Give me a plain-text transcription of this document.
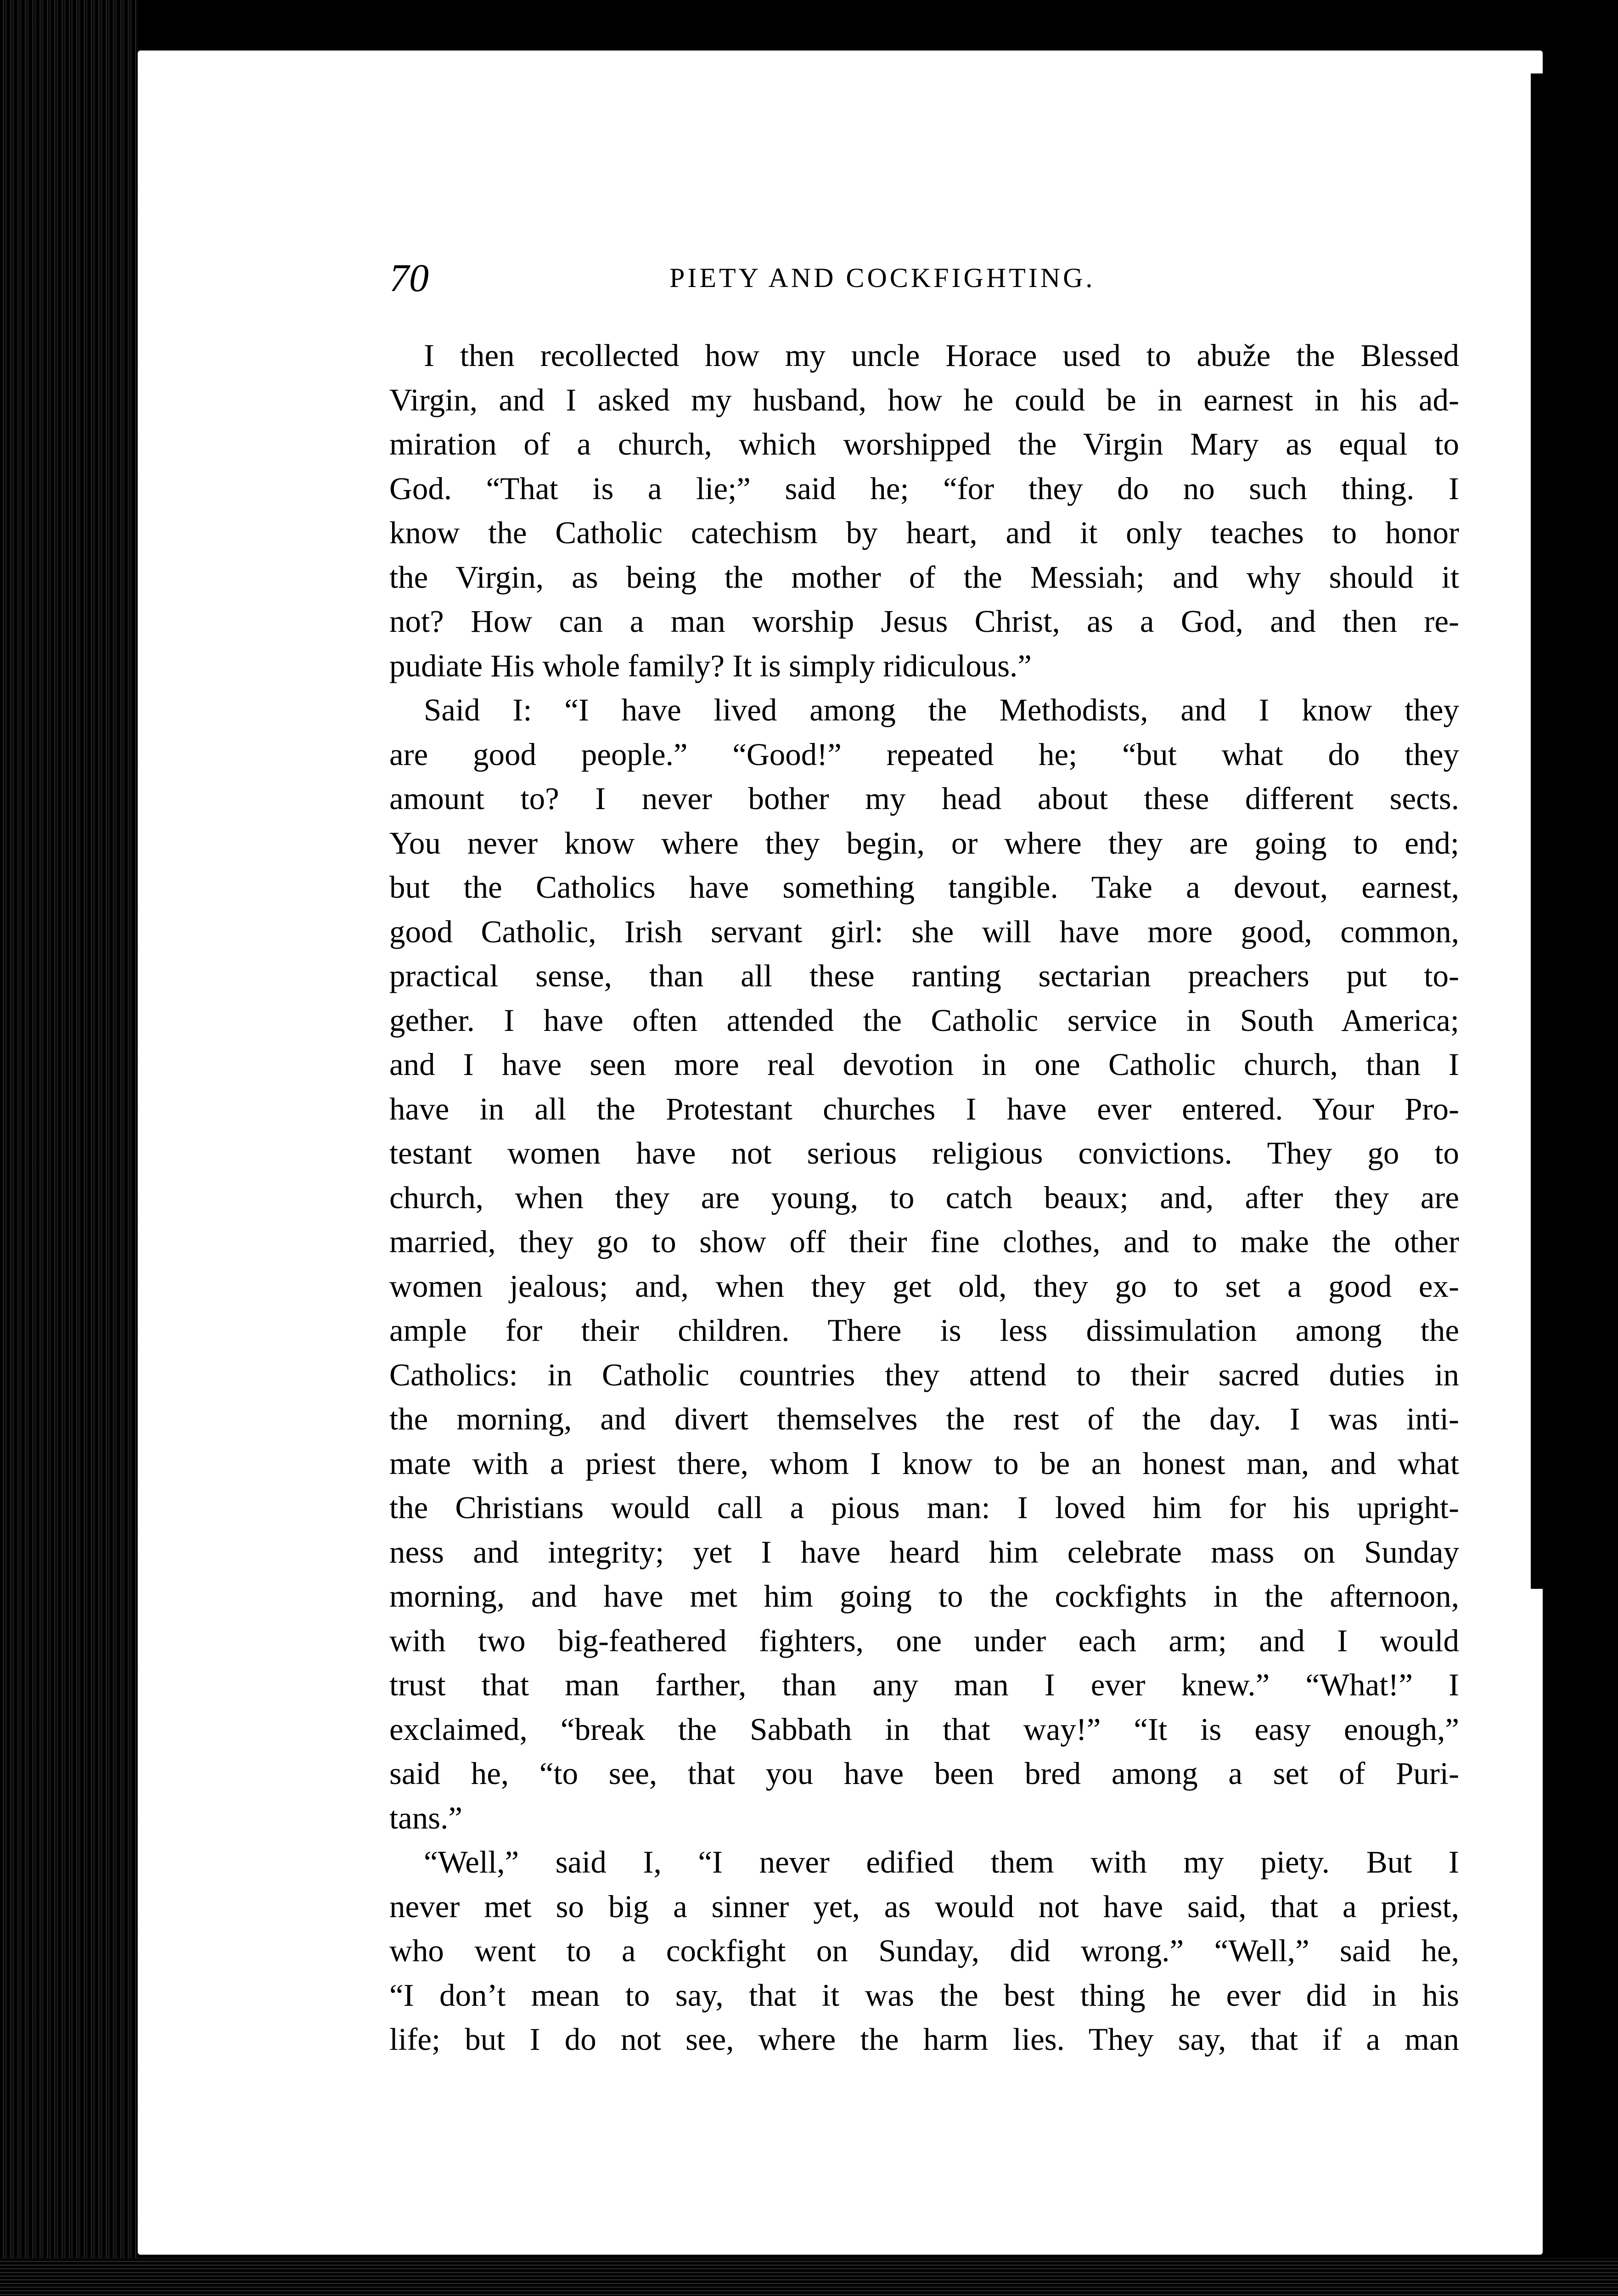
70	PIETY AND COCKFIGHTING.
I then recollected how my uncle Horace used to abuže the Blessed
Virgin, and I asked my husband, how he could be in earnest in his ad-
miration of a church, which worshipped the Virgin Mary as equal to
God. “That is a lie;” said he; “for they do no such thing. I
know the Catholic catechism by heart, and it only teaches to honor
the Virgin, as being the mother of the Messiah; and why should it
not? How can a man worship Jesus Christ, as a God, and then re-
pudiate His whole family? It is simply ridiculous.”
Said I: “I have lived among the Methodists, and I know they
are good people.” “Good!” repeated he; “but what do they
amount to? I never bother my head about these different sects.
You never know where they begin, or where they are going to end;
but the Catholics have something tangible. Take a devout, earnest,
good Catholic, Irish servant girl: she will have more good, common,
practical sense, than all these ranting sectarian preachers put to-
gether. I have often attended the Catholic service in South America;
and I have seen more real devotion in one Catholic church, than I
have in all the Protestant churches I have ever entered. Your Pro-
testant women have not serious religious convictions. They go to
church, when they are young, to catch beaux; and, after they are
married, they go to show off their fine clothes, and to make the other
women jealous; and, when they get old, they go to set a good ex-
ample for their children. There is less dissimulation among the
Catholics: in Catholic countries they attend to their sacred duties in
the morning, and divert themselves the rest of the day. I was inti-
mate with a priest there, whom I know to be an honest man, and what
the Christians would call a pious man: I loved him for his upright-
ness and integrity; yet I have heard him celebrate mass on Sunday
morning, and have met him going to the cockfights in the afternoon,
with two big-feathered fighters, one under each arm; and I would
trust that man farther, than any man I ever knew.” “What!” I
exclaimed, “break the Sabbath in that way!” “It is easy enough,”
said he, “to see, that you have been bred among a set of Puri-
tans.”
“Well,” said I, “I never edified them with my piety. But I
never met so big a sinner yet, as would not have said, that a priest,
who went to a cockfight on Sunday, did wrong.” “Well,” said he,
“I don’t mean to say, that it was the best thing he ever did in his
life; but I do not see, where the harm lies. They say, that if a man
